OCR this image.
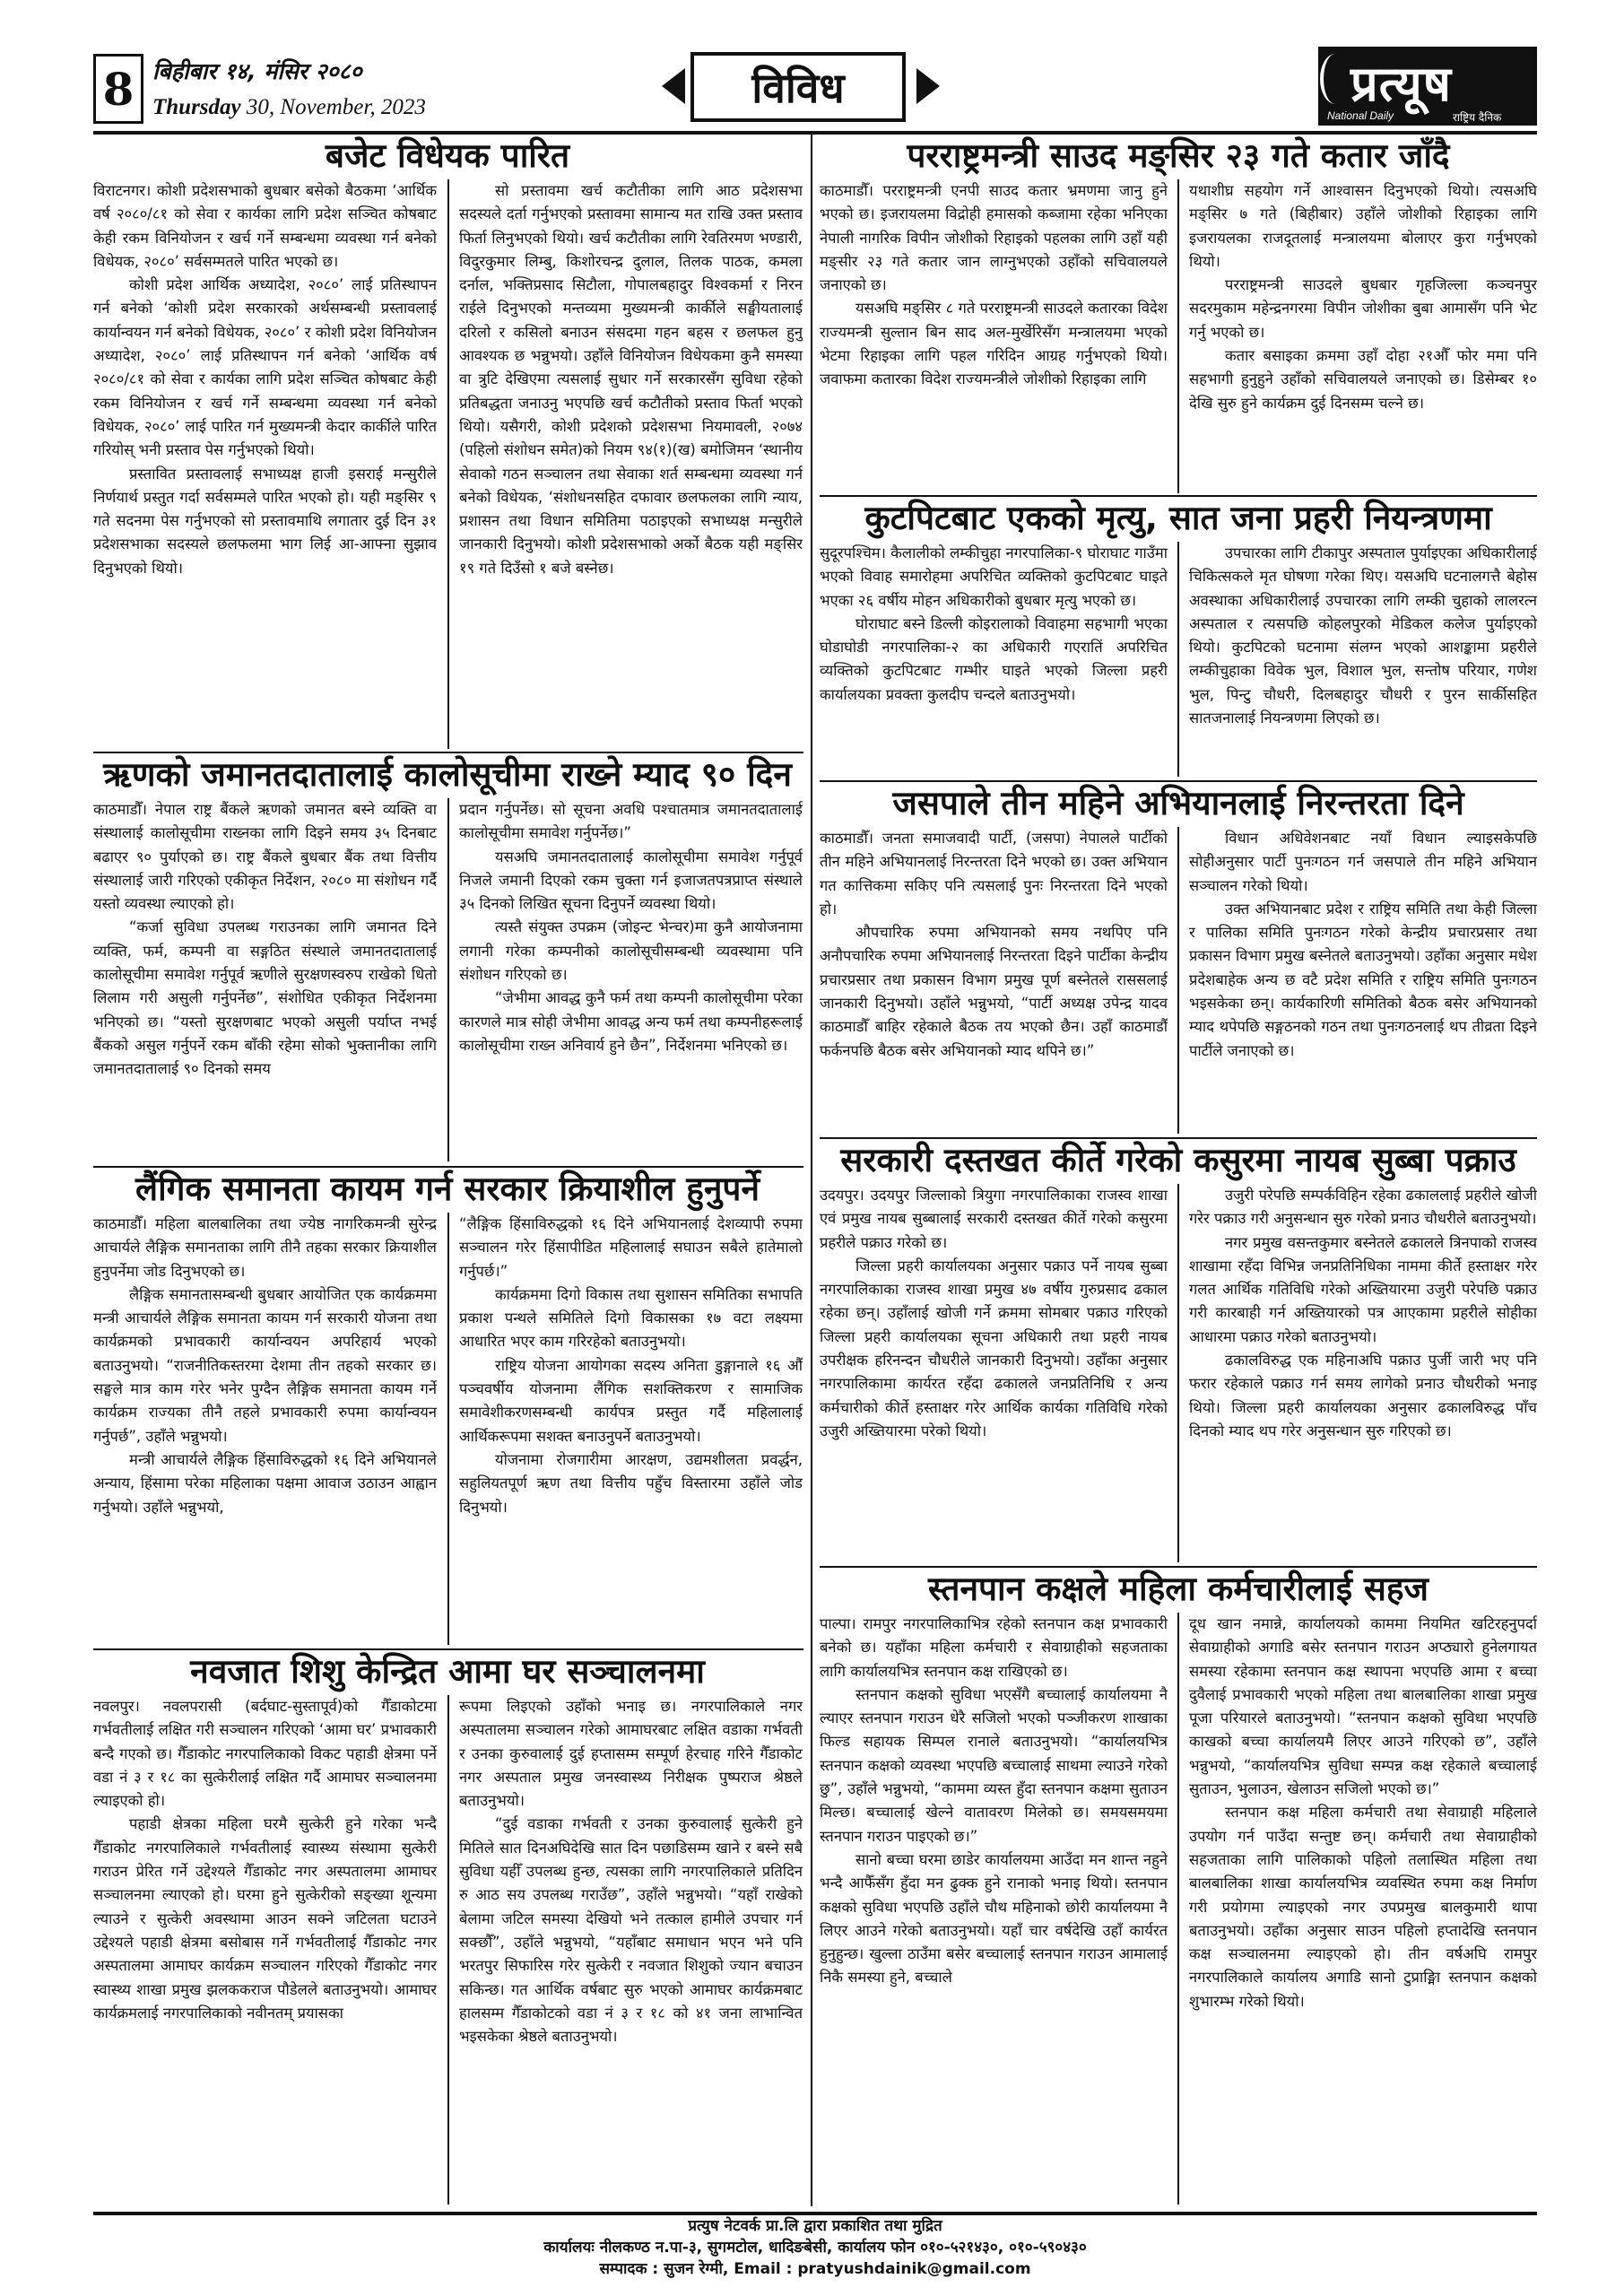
8 बिहीबार १४, मंसिर २०८०
Thursday 30, November, 2023	विविध	प्रत्यूष
National Daily	राष्ट्रिय दैनिक
बजेट विधेयक पारित

विराटनगर। कोशी प्रदेशसभाको बुधबार बसेको बैठकमा ‘आर्थिक वर्ष २०८०/८१ को सेवा र कार्यका लागि प्रदेश सञ्चित कोषबाट केही रकम विनियोजन र खर्च गर्ने सम्बन्धमा व्यवस्था गर्न बनेको विधेयक, २०८०’ सर्वसम्मतले पारित भएको छ।

कोशी प्रदेश आर्थिक अध्यादेश, २०८०’ लाई प्रतिस्थापन गर्न बनेको ‘कोशी प्रदेश सरकारको अर्थसम्बन्धी प्रस्तावलाई कार्यान्वयन गर्न बनेको विधेयक, २०८०’ र कोशी प्रदेश विनियोजन अध्यादेश, २०८०’ लाई प्रतिस्थापन गर्न बनेको ‘आर्थिक वर्ष २०८०/८१ को सेवा र कार्यका लागि प्रदेश सञ्चित कोषबाट केही रकम विनियोजन र खर्च गर्ने सम्बन्धमा व्यवस्था गर्न बनेको विधेयक, २०८०’ लाई पारित गर्न मुख्यमन्त्री केदार कार्कीले पारित गरियोस् भनी प्रस्ताव पेस गर्नुभएको थियो।

प्रस्तावित प्रस्तावलाई सभाध्यक्ष हाजी इसराई मन्सुरीले निर्णयार्थ प्रस्तुत गर्दा सर्वसम्मले पारित भएको हो। यही मङ्सिर ९ गते सदनमा पेस गर्नुभएको सो प्रस्तावमाथि लगातार दुई दिन ३१ प्रदेशसभाका सदस्यले छलफलमा भाग लिई आ-आफ्ना सुझाव दिनुभएको थियो।

सो प्रस्तावमा खर्च कटौतीका लागि आठ प्रदेशसभा सदस्यले दर्ता गर्नुभएको प्रस्तावमा सामान्य मत राखि उक्त प्रस्ताव फिर्ता लिनुभएको थियो। खर्च कटौतीका लागि रेवतिरमण भण्डारी, विदुरकुमार लिम्बु, किशोरचन्द्र दुलाल, तिलक पाठक, कमला दर्नाल, भक्तिप्रसाद सिटौला, गोपालबहादुर विश्वकर्मा र निरन राईले दिनुभएको मन्तव्यमा मुख्यमन्त्री कार्कीले सङ्घीयतालाई दरिलो र कसिलो बनाउन संसदमा गहन बहस र छलफल हुनु आवश्यक छ भन्नुभयो। उहाँले विनियोजन विधेयकमा कुनै समस्या वा त्रुटि देखिएमा त्यसलाई सुधार गर्ने सरकारसँग सुविधा रहेको प्रतिबद्धता जनाउनु भएपछि खर्च कटौतीको प्रस्ताव फिर्ता भएको थियो। यसैगरी, कोशी प्रदेशको प्रदेशसभा नियमावली, २०७४ (पहिलो संशोधन समेत)को नियम ९४(१)(ख) बमोजिमन ‘स्थानीय सेवाको गठन सञ्चालन तथा सेवाका शर्त सम्बन्धमा व्यवस्था गर्न बनेको विधेयक, ‘संशोधनसहित दफावार छलफलका लागि न्याय, प्रशासन तथा विधान समितिमा पठाइएको सभाध्यक्ष मन्सुरीले जानकारी दिनुभयो। कोशी प्रदेशसभाको अर्को बैठक यही मङ्सिर १९ गते दिउँसो १ बजे बस्नेछ।

ऋणको जमानतदातालाई कालोसूचीमा राख्ने म्याद ९० दिन

काठमाडौँ। नेपाल राष्ट्र बैंकले ऋणको जमानत बस्ने व्यक्ति वा संस्थालाई कालोसूचीमा राख्नका लागि दिइने समय ३५ दिनबाट बढाएर ९० पुर्याएको छ। राष्ट्र बैंकले बुधबार बैंक तथा वित्तीय संस्थालाई जारी गरिएको एकीकृत निर्देशन, २०८० मा संशोधन गर्दै यस्तो व्यवस्था ल्याएको हो।

“कर्जा सुविधा उपलब्ध गराउनका लागि जमानत दिने व्यक्ति, फर्म, कम्पनी वा सङ्गठित संस्थाले जमानतदातालाई कालोसूचीमा समावेश गर्नुपूर्व ऋणीले सुरक्षणस्वरुप राखेको धितो लिलाम गरी असुली गर्नुपर्नेछ”, संशोधित एकीकृत निर्देशनमा भनिएको छ। “यस्तो सुरक्षणबाट भएको असुली पर्याप्त नभई बैंकको असुल गर्नुपर्ने रकम बाँकी रहेमा सोको भुक्तानीका लागि जमानतदातालाई ९० दिनको समय

प्रदान गर्नुपर्नेछ। सो सूचना अवधि पश्चातमात्र जमानतदातालाई कालोसूचीमा समावेश गर्नुपर्नेछ।”

यसअघि जमानतदातालाई कालोसूचीमा समावेश गर्नुपूर्व निजले जमानी दिएको रकम चुक्ता गर्न इजाजतपत्रप्राप्त संस्थाले ३५ दिनको लिखित सूचना दिनुपर्ने व्यवस्था थियो।

त्यस्तै संयुक्त उपक्रम (जोइन्ट भेन्चर)मा कुनै आयोजनामा लगानी गरेका कम्पनीको कालोसूचीसम्बन्धी व्यवस्थामा पनि संशोधन गरिएको छ।

“जेभीमा आवद्ध कुनै फर्म तथा कम्पनी कालोसूचीमा परेका कारणले मात्र सोही जेभीमा आवद्ध अन्य फर्म तथा कम्पनीहरूलाई कालोसूचीमा राख्न अनिवार्य हुने छैन”, निर्देशनमा भनिएको छ।

लैंगिक समानता कायम गर्न सरकार क्रियाशील हुनुपर्ने

काठमाडौँ। महिला बालबालिका तथा ज्येष्ठ नागरिकमन्त्री सुरेन्द्र आचार्यले लैङ्गिक समानताका लागि तीनै तहका सरकार क्रियाशील हुनुपर्नेमा जोड दिनुभएको छ।

लैङ्गिक समानतासम्बन्धी बुधबार आयोजित एक कार्यक्रममा मन्त्री आचार्यले लैङ्गिक समानता कायम गर्न सरकारी योजना तथा कार्यक्रमको प्रभावकारी कार्यान्वयन अपरिहार्य भएको बताउनुभयो। “राजनीतिकस्तरमा देशमा तीन तहको सरकार छ। सङ्घले मात्र काम गरेर भनेर पुग्दैन लैङ्गिक समानता कायम गर्ने कार्यक्रम राज्यका तीनै तहले प्रभावकारी रुपमा कार्यान्वयन गर्नुपर्छ”, उहाँले भन्नुभयो।

मन्त्री आचार्यले लैङ्गिक हिंसाविरुद्धको १६ दिने अभियानले अन्याय, हिंसामा परेका महिलाका पक्षमा आवाज उठाउन आह्वान गर्नुभयो। उहाँले भन्नुभयो,

“लैङ्गिक हिंसाविरुद्धको १६ दिने अभियानलाई देशव्यापी रुपमा सञ्चालन गरेर हिंसापीडित महिलालाई सघाउन सबैले हातेमालो गर्नुपर्छ।”

कार्यक्रममा दिगो विकास तथा सुशासन समितिका सभापति प्रकाश पन्थले समितिले दिगो विकासका १७ वटा लक्ष्यमा आधारित भएर काम गरिरहेको बताउनुभयो।

राष्ट्रिय योजना आयोगका सदस्य अनिता डुङ्गानाले १६ औँ पञ्चवर्षीय योजनामा लैंगिक सशक्तिकरण र सामाजिक समावेशीकरणसम्बन्धी कार्यपत्र प्रस्तुत गर्दै महिलालाई आर्थिकरूपमा सशक्त बनाउनुपर्ने बताउनुभयो।

योजनामा रोजगारीमा आरक्षण, उद्यमशीलता प्रवर्द्धन, सहुलियतपूर्ण ऋण तथा वित्तीय पहुँच विस्तारमा उहाँले जोड दिनुभयो।

नवजात शिशु केन्द्रित आमा घर सञ्चालनमा

नवलपुर। नवलपरासी (बर्दघाट-सुस्तापूर्व)को गैँडाकोटमा गर्भवतीलाई लक्षित गरी सञ्चालन गरिएको ‘आमा घर’ प्रभावकारी बन्दै गएको छ। गैँडाकोट नगरपालिकाको विकट पहाडी क्षेत्रमा पर्ने वडा नं ३ र १८ का सुत्केरीलाई लक्षित गर्दै आमाघर सञ्चालनमा ल्याइएको हो।

पहाडी क्षेत्रका महिला घरमै सुत्केरी हुने गरेका भन्दै गैँडाकोट नगरपालिकाले गर्भवतीलाई स्वास्थ्य संस्थामा सुत्केरी गराउन प्रेरित गर्ने उद्देश्यले गैँडाकोट नगर अस्पतालमा आमाघर सञ्चालनमा ल्याएको हो। घरमा हुने सुत्केरीको सङ्ख्या शून्यमा ल्याउने र सुत्केरी अवस्थामा आउन सक्ने जटिलता घटाउने उद्देश्यले पहाडी क्षेत्रमा बसोबास गर्ने गर्भवतीलाई गैँडाकोट नगर अस्पतालमा आमाघर कार्यक्रम सञ्चालन गरिएको गैँडाकोट नगर स्वास्थ्य शाखा प्रमुख झलककराज पौडेलले बताउनुभयो। आमाघर कार्यक्रमलाई नगरपालिकाको नवीनतम् प्रयासका

रूपमा लिइएको उहाँको भनाइ छ। नगरपालिकाले नगर अस्पतालमा सञ्चालन गरेको आमाघरबाट लक्षित वडाका गर्भवती र उनका कुरुवालाई दुई हप्तासम्म सम्पूर्ण हेरचाह गरिने गैँडाकोट नगर अस्पताल प्रमुख जनस्वास्थ्य निरीक्षक पुष्पराज श्रेष्ठले बताउनुभयो।

“दुई वडाका गर्भवती र उनका कुरुवालाई सुत्केरी हुने मितिले सात दिनअघिदेखि सात दिन पछाडिसम्म खाने र बस्ने सबै सुविधा यहीँ उपलब्ध हुन्छ, त्यसका लागि नगरपालिकाले प्रतिदिन रु आठ सय उपलब्ध गराउँछ”, उहाँले भन्नुभयो। “यहाँ राखेको बेलामा जटिल समस्या देखियो भने तत्काल हामीले उपचार गर्न सक्छौँ”, उहाँले भन्नुभयो, “यहाँबाट समाधान भएन भने पनि भरतपुर सिफारिस गरेर सुत्केरी र नवजात शिशुको ज्यान बचाउन सकिन्छ। गत आर्थिक वर्षबाट सुरु भएको आमाघर कार्यक्रमबाट हालसम्म गैँडाकोटको वडा नं ३ र १८ को ४१ जना लाभान्वित भइसकेका श्रेष्ठले बताउनुभयो।

परराष्ट्रमन्त्री साउद मङ्सिर २३ गते कतार जाँदै

काठमाडौँ। परराष्ट्रमन्त्री एनपी साउद कतार भ्रमणमा जानु हुने भएको छ। इजरायलमा विद्रोही हमासको कब्जामा रहेका भनिएका नेपाली नागरिक विपीन जोशीको रिहाइको पहलका लागि उहाँ यही मङ्सीर २३ गते कतार जान लाग्नुभएको उहाँको सचिवालयले जनाएको छ।

यसअघि मङ्सिर ८ गते परराष्ट्रमन्त्री साउदले कतारका विदेश राज्यमन्त्री सुल्तान बिन साद अल-मुर्खेरिसँग मन्त्रालयमा भएको भेटमा रिहाइका लागि पहल गरिदिन आग्रह गर्नुभएको थियो। जवाफमा कतारका विदेश राज्यमन्त्रीले जोशीको रिहाइका लागि

यथाशीघ्र सहयोग गर्ने आश्वासन दिनुभएको थियो। त्यसअघि मङ्सिर ७ गते (बिहीबार) उहाँले जोशीको रिहाइका लागि इजरायलका राजदूतलाई मन्त्रालयमा बोलाएर कुरा गर्नुभएको थियो।

परराष्ट्रमन्त्री साउदले बुधबार गृहजिल्ला कञ्चनपुर सदरमुकाम महेन्द्रनगरमा विपीन जोशीका बुबा आमासँग पनि भेट गर्नु भएको छ।

कतार बसाइका क्रममा उहाँ दोहा २१औँ फोर ममा पनि सहभागी हुनुहुने उहाँको सचिवालयले जनाएको छ। डिसेम्बर १० देखि सुरु हुने कार्यक्रम दुई दिनसम्म चल्ने छ।

कुटपिटबाट एकको मृत्यु, सात जना प्रहरी नियन्त्रणमा

सुदूरपश्चिम। कैलालीको लम्कीचुहा नगरपालिका-९ घोराघाट गाउँमा भएको विवाह समारोहमा अपरिचित व्यक्तिको कुटपिटबाट घाइते भएका २६ वर्षीय मोहन अधिकारीको बुधबार मृत्यु भएको छ।

घोराघाट बस्ने डिल्ली कोइरालाको विवाहमा सहभागी भएका घोडाघोडी नगरपालिका-२ का अधिकारी गएरातिं अपरिचित व्यक्तिको कुटपिटबाट गम्भीर घाइते भएको जिल्ला प्रहरी कार्यालयका प्रवक्ता कुलदीप चन्दले बताउनुभयो।

उपचारका लागि टीकापुर अस्पताल पुर्याइएका अधिकारीलाई चिकित्सकले मृत घोषणा गरेका थिए। यसअघि घटनालगत्तै बेहोस अवस्थाका अधिकारीलाई उपचारका लागि लम्की चुहाको लालरत्न अस्पताल र त्यसपछि कोहलपुरको मेडिकल कलेज पुर्याइएको थियो। कुटपिटको घटनामा संलग्न भएको आशङ्कामा प्रहरीले लम्कीचुहाका विवेक भुल, विशाल भुल, सन्तोष परियार, गणेश भुल, पिन्टु चौधरी, दिलबहादुर चौधरी र पुरन सार्कीसहित सातजनालाई नियन्त्रणमा लिएको छ।

जसपाले तीन महिने अभियानलाई निरन्तरता दिने

काठमाडौँ। जनता समाजवादी पार्टी, (जसपा) नेपालले पार्टीको तीन महिने अभियानलाई निरन्तरता दिने भएको छ। उक्त अभियान गत कात्तिकमा सकिए पनि त्यसलाई पुनः निरन्तरता दिने भएको हो।

औपचारिक रुपमा अभियानको समय नथपिए पनि अनौपचारिक रुपमा अभियानलाई निरन्तरता दिइने पार्टीका केन्द्रीय प्रचारप्रसार तथा प्रकासन विभाग प्रमुख पूर्ण बस्नेतले राससलाई जानकारी दिनुभयो। उहाँले भन्नुभयो, “पार्टी अध्यक्ष उपेन्द्र यादव काठमाडौँ बाहिर रहेकाले बैठक तय भएको छैन। उहाँ काठमाडौँ फर्कनपछि बैठक बसेर अभियानको म्याद थपिने छ।”

विधान अधिवेशनबाट नयाँ विधान ल्याइसकेपछि सोहीअनुसार पार्टी पुनःगठन गर्न जसपाले तीन महिने अभियान सञ्चालन गरेको थियो।

उक्त अभियानबाट प्रदेश र राष्ट्रिय समिति तथा केही जिल्ला र पालिका समिति पुनःगठन गरेको केन्द्रीय प्रचारप्रसार तथा प्रकासन विभाग प्रमुख बस्नेतले बताउनुभयो। उहाँका अनुसार मधेश प्रदेशबाहेक अन्य छ वटै प्रदेश समिति र राष्ट्रिय समिति पुनःगठन भइसकेका छन्। कार्यकारिणी समितिको बैठक बसेर अभियानको म्याद थपेपछि सङ्गठनको गठन तथा पुनःगठनलाई थप तीव्रता दिइने पार्टीले जनाएको छ।

सरकारी दस्तखत कीर्ते गरेको कसुरमा नायब सुब्बा पक्राउ

उदयपुर। उदयपुर जिल्लाको त्रियुगा नगरपालिकाका राजस्व शाखा एवं प्रमुख नायब सुब्बालाई सरकारी दस्तखत कीर्ते गरेको कसुरमा प्रहरीले पक्राउ गरेको छ।

जिल्ला प्रहरी कार्यालयका अनुसार पक्राउ पर्ने नायब सुब्बा नगरपालिकाका राजस्व शाखा प्रमुख ४७ वर्षीय गुरुप्रसाद ढकाल रहेका छन्। उहाँलाई खोजी गर्ने क्रममा सोमबार पक्राउ गरिएको जिल्ला प्रहरी कार्यालयका सूचना अधिकारी तथा प्रहरी नायब उपरीक्षक हरिनन्दन चौधरीले जानकारी दिनुभयो। उहाँका अनुसार नगरपालिकामा कार्यरत रहँदा ढकालले जनप्रतिनिधि र अन्य कर्मचारीको कीर्ते हस्ताक्षर गरेर आर्थिक कार्यका गतिविधि गरेको उजुरी अख्तियारमा परेको थियो।

उजुरी परेपछि सम्पर्कविहिन रहेका ढकाललाई प्रहरीले खोजी गरेर पक्राउ गरी अनुसन्धान सुरु गरेको प्रनाउ चौधरीले बताउनुभयो।

नगर प्रमुख वसन्तकुमार बस्नेतले ढकालले त्रिनपाको राजस्व शाखामा रहँदा विभिन्न जनप्रतिनिधिका नाममा कीर्ते हस्ताक्षर गरेर गलत आर्थिक गतिविधि गरेको अख्तियारमा उजुरी परेपछि पक्राउ गरी कारबाही गर्न अख्तियारको पत्र आएकामा प्रहरीले सोहीका आधारमा पक्राउ गरेको बताउनुभयो।

ढकालविरुद्ध एक महिनाअघि पक्राउ पुर्जी जारी भए पनि फरार रहेकाले पक्राउ गर्न समय लागेको प्रनाउ चौधरीको भनाइ थियो। जिल्ला प्रहरी कार्यालयका अनुसार ढकालविरुद्ध पाँच दिनको म्याद थप गरेर अनुसन्धान सुरु गरिएको छ।

स्तनपान कक्षले महिला कर्मचारीलाई सहज

पाल्पा। रामपुर नगरपालिकाभित्र रहेको स्तनपान कक्ष प्रभावकारी बनेको छ। यहाँका महिला कर्मचारी र सेवाग्राहीको सहजताका लागि कार्यालयभित्र स्तनपान कक्ष राखिएको छ।

स्तनपान कक्षको सुविधा भएसँगै बच्चालाई कार्यालयमा नै ल्याएर स्तनपान गराउन धेरै सजिलो भएको पञ्जीकरण शाखाका फिल्ड सहायक सिम्पल रानाले बताउनुभयो। “कार्यालयभित्र स्तनपान कक्षको व्यवस्था भएपछि बच्चालाई साथमा ल्याउने गरेको छु”, उहाँले भन्नुभयो, “काममा व्यस्त हुँदा स्तनपान कक्षमा सुताउन मिल्छ। बच्चालाई खेल्ने वातावरण मिलेको छ। समयसमयमा स्तनपान गराउन पाइएको छ।”

सानो बच्चा घरमा छाडेर कार्यालयमा आउँदा मन शान्त नहुने भन्दै आफैँसँग हुँदा मन ढुक्क हुने रानाको भनाइ थियो। स्तनपान कक्षको सुविधा भएपछि उहाँले चौथ महिनाको छोरी कार्यालयमा नै लिएर आउने गरेको बताउनुभयो। यहाँ चार वर्षदेखि उहाँ कार्यरत हुनुहुन्छ। खुल्ला ठाउँमा बसेर बच्चालाई स्तनपान गराउन आमालाई निकै समस्या हुने, बच्चाले

दूध खान नमान्ने, कार्यालयको काममा नियमित खटिरहनुपर्दा सेवाग्राहीको अगाडि बसेर स्तनपान गराउन अप्ठ्यारो हुनेलगायत समस्या रहेकामा स्तनपान कक्ष स्थापना भएपछि आमा र बच्चा दुवैलाई प्रभावकारी भएको महिला तथा बालबालिका शाखा प्रमुख पूजा परियारले बताउनुभयो। “स्तनपान कक्षको सुविधा भएपछि काखको बच्चा कार्यालयमै लिएर आउने गरिएको छ”, उहाँले भन्नुभयो, “कार्यालयभित्र सुविधा सम्पन्न कक्ष रहेकाले बच्चालाई सुताउन, भुलाउन, खेलाउन सजिलो भएको छ।”

स्तनपान कक्ष महिला कर्मचारी तथा सेवाग्राही महिलाले उपयोग गर्न पाउँदा सन्तुष्ट छन्। कर्मचारी तथा सेवाग्राहीको सहजताका लागि पालिकाको पहिलो तलास्थित महिला तथा बालबालिका शाखा कार्यालयभित्र व्यवस्थित रुपमा कक्ष निर्माण गरी प्रयोगमा ल्याइएको नगर उपप्रमुख बालकुमारी थापा बताउनुभयो। उहाँका अनुसार साउन पहिलो हप्तादेखि स्तनपान कक्ष सञ्चालनमा ल्याइएको हो। तीन वर्षअघि रामपुर नगरपालिकाले कार्यालय अगाडि सानो टुप्राङ्मिा स्तनपान कक्षको शुभारम्भ गरेको थियो।

प्रत्युष नेटवर्क प्रा.लि द्वारा प्रकाशित तथा मुद्रित
कार्यालयः नीलकण्ठ न.पा-३, सुगमटोल, धादिङबेसी, कार्यालय फोन ०१०-५२१४३०, ०१०-५९०४३०
सम्पादक : सुजन रेग्मी, Email : pratyushdainik@gmail.com
